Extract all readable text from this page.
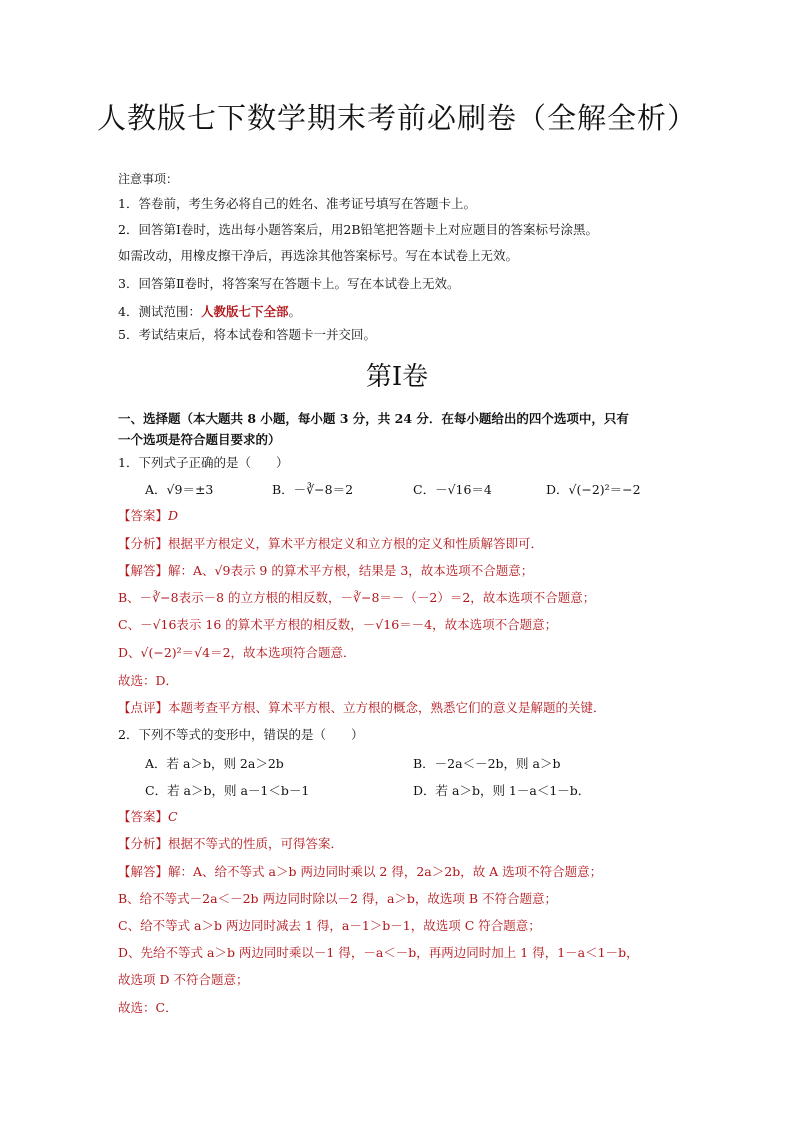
人教版七下数学期末考前必刷卷（全解全析）
注意事项：
1．答卷前，考生务必将自己的姓名、准考证号填写在答题卡上。
2．回答第Ⅰ卷时，选出每小题答案后，用2B铅笔把答题卡上对应题目的答案标号涂黑。
如需改动，用橡皮擦干净后，再选涂其他答案标号。写在本试卷上无效。
3．回答第Ⅱ卷时，将答案写在答题卡上。写在本试卷上无效。
4．测试范围：人教版七下全部。
5．考试结束后，将本试卷和答题卡一并交回。
第Ⅰ卷
一、选择题（本大题共 8 小题，每小题 3 分，共 24 分．在每小题给出的四个选项中，只有
一个选项是符合题目要求的）
1．下列式子正确的是（　　）
A．√9＝±3	B．－∛−8＝2	C．－√16＝4	D．√(−2)²＝−2
【答案】D
【分析】根据平方根定义，算术平方根定义和立方根的定义和性质解答即可．
【解答】解：A、√9表示 9 的算术平方根，结果是 3，故本选项不合题意；
B、－∛−8表示－8 的立方根的相反数，－∛−8＝－（－2）＝2，故本选项不合题意；
C、－√16表示 16 的算术平方根的相反数，－√16＝－4，故本选项不合题意；
D、√(−2)²＝√4＝2，故本选项符合题意．
故选：D．
【点评】本题考查平方根、算术平方根、立方根的概念，熟悉它们的意义是解题的关键．
2．下列不等式的变形中，错误的是（　　）
A．若 a＞b，则 2a＞2b	B．－2a＜－2b，则 a＞b
C．若 a＞b，则 a－1＜b－1	D．若 a＞b，则 1－a＜1－b．
【答案】C
【分析】根据不等式的性质，可得答案．
【解答】解：A、给不等式 a＞b 两边同时乘以 2 得，2a＞2b，故 A 选项不符合题意；
B、给不等式－2a＜－2b 两边同时除以－2 得，a＞b，故选项 B 不符合题意；
C、给不等式 a＞b 两边同时减去 1 得，a－1＞b－1，故选项 C 符合题意；
D、先给不等式 a＞b 两边同时乘以－1 得，－a＜－b，再两边同时加上 1 得，1－a＜1－b，
故选项 D 不符合题意；
故选：C．
